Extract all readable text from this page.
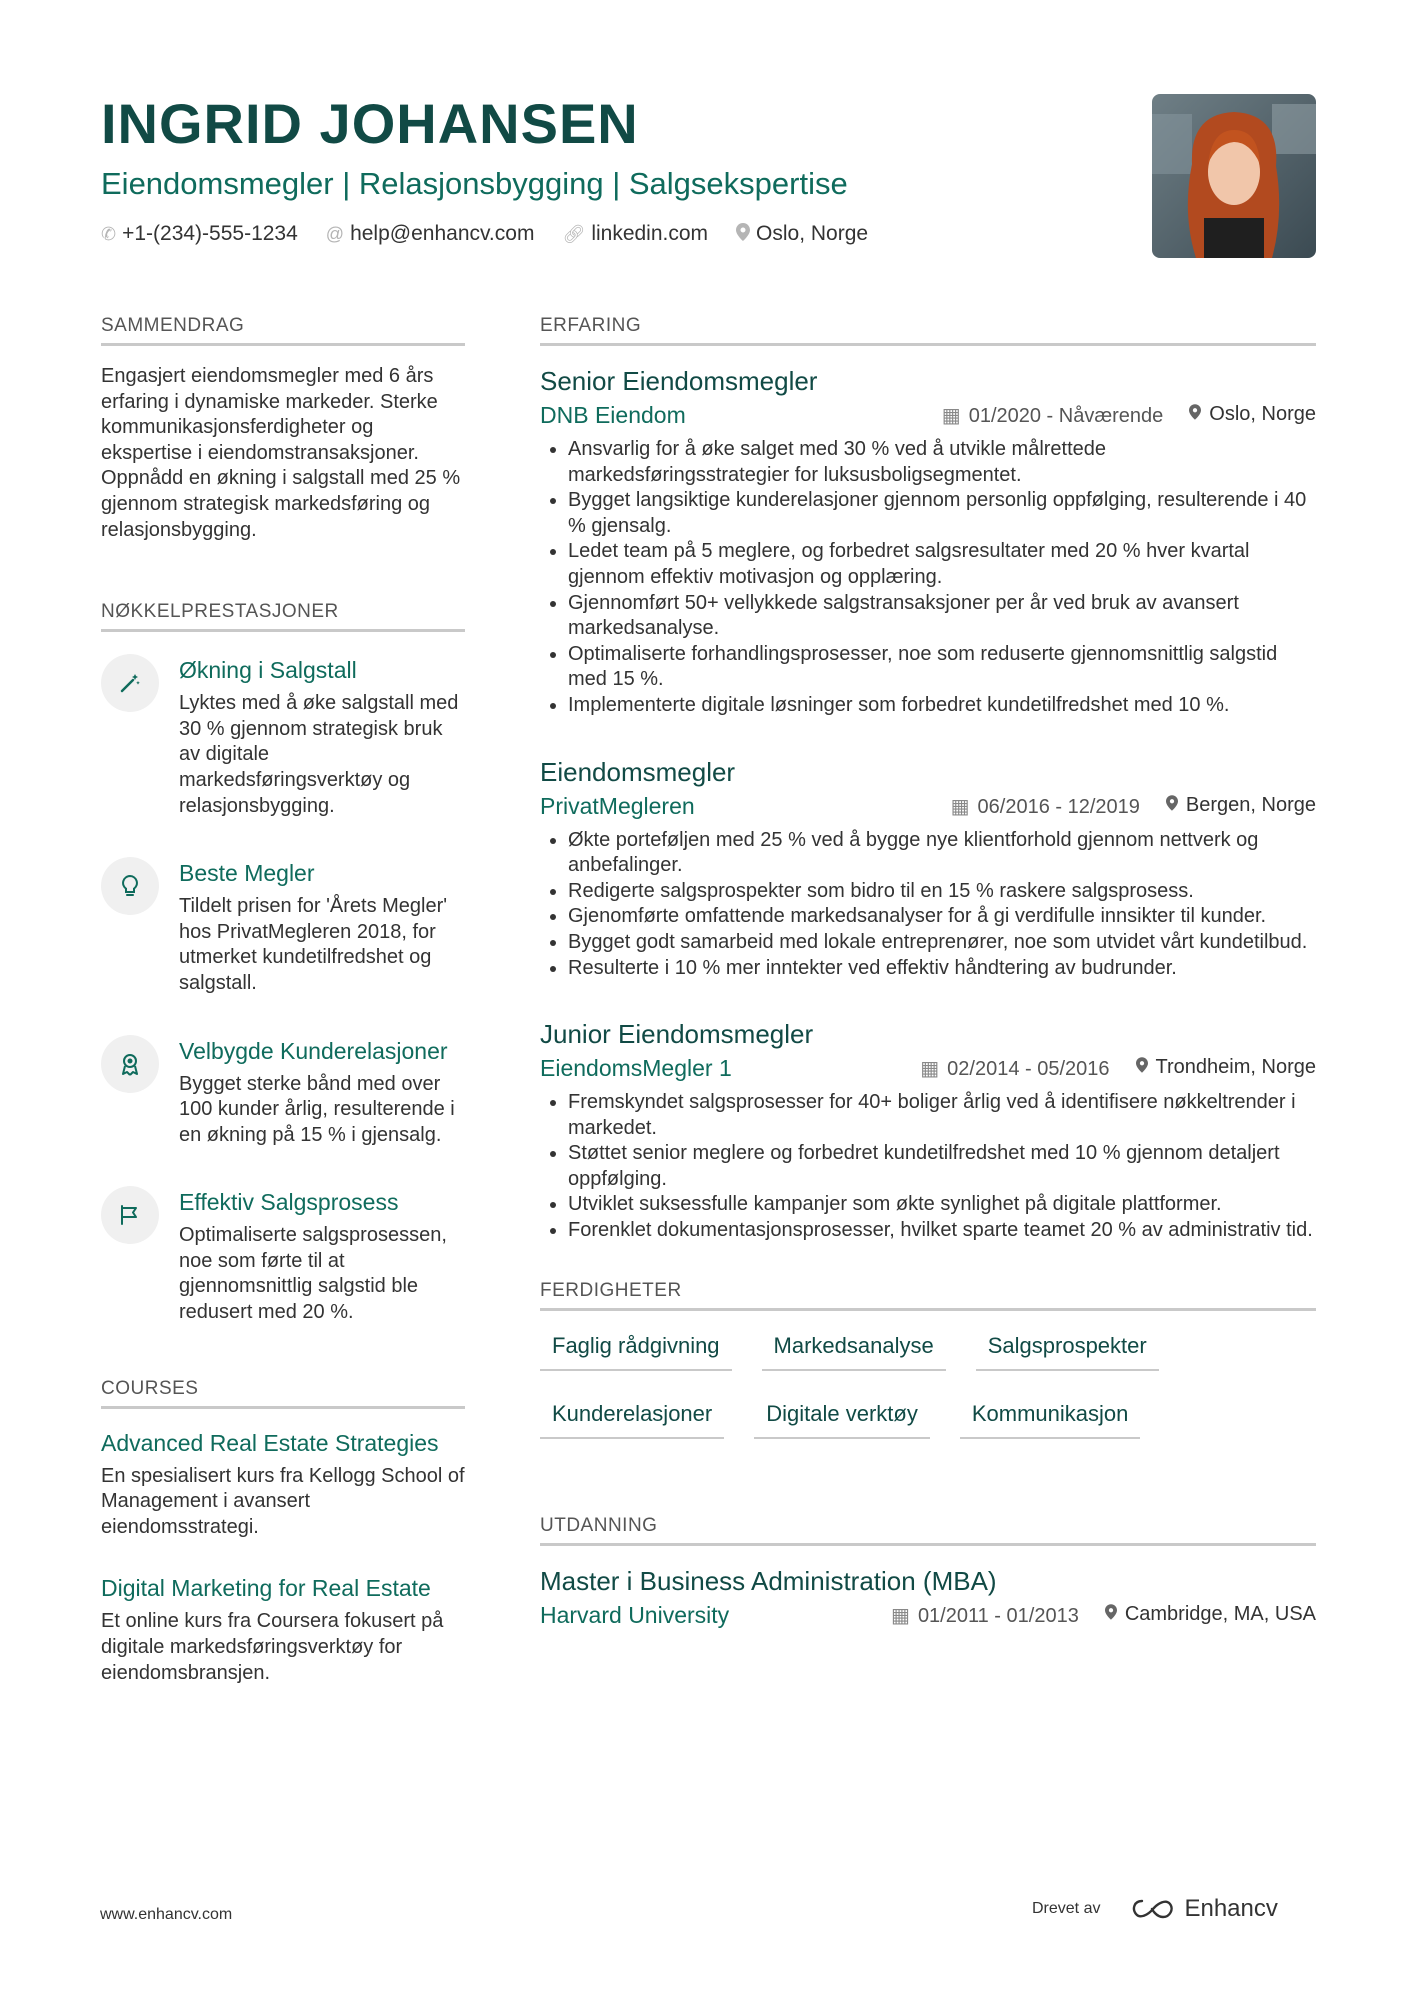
INGRID JOHANSEN
Eiendomsmegler | Relasjonsbygging | Salgsekspertise
✆ +1-(234)-555-1234 @ help@enhancv.com 🔗︎ linkedin.com Oslo, Norge
SAMMENDRAG
Engasjert eiendomsmegler med 6 års erfaring i dynamiske markeder. Sterke kommunikasjonsferdigheter og ekspertise i eiendomstransaksjoner. Oppnådd en økning i salgstall med 25 % gjennom strategisk markedsføring og relasjonsbygging.
NØKKELPRESTASJONER
Økning i Salgstall
Lyktes med å øke salgstall med 30 % gjennom strategisk bruk av digitale markedsføringsverktøy og relasjonsbygging.
Beste Megler
Tildelt prisen for 'Årets Megler' hos PrivatMegleren 2018, for utmerket kundetilfredshet og salgstall.
Velbygde Kunderelasjoner
Bygget sterke bånd med over 100 kunder årlig, resulterende i en økning på 15 % i gjensalg.
Effektiv Salgsprosess
Optimaliserte salgsprosessen, noe som førte til at gjennomsnittlig salgstid ble redusert med 20 %.
COURSES
Advanced Real Estate Strategies
En spesialisert kurs fra Kellogg School of Management i avansert eiendomsstrategi.
Digital Marketing for Real Estate
Et online kurs fra Coursera fokusert på digitale markedsføringsverktøy for eiendomsbransjen.
ERFARING
Senior Eiendomsmegler
DNB Eiendom	▦ 01/2020 - Nåværende	Oslo, Norge
• Ansvarlig for å øke salget med 30 % ved å utvikle målrettede markedsføringsstrategier for luksusboligsegmentet.
• Bygget langsiktige kunderelasjoner gjennom personlig oppfølging, resulterende i 40 % gjensalg.
• Ledet team på 5 meglere, og forbedret salgsresultater med 20 % hver kvartal gjennom effektiv motivasjon og opplæring.
• Gjennomført 50+ vellykkede salgstransaksjoner per år ved bruk av avansert markedsanalyse.
• Optimaliserte forhandlingsprosesser, noe som reduserte gjennomsnittlig salgstid med 15 %.
• Implementerte digitale løsninger som forbedret kundetilfredshet med 10 %.
Eiendomsmegler
PrivatMegleren	▦ 06/2016 - 12/2019	Bergen, Norge
• Økte porteføljen med 25 % ved å bygge nye klientforhold gjennom nettverk og anbefalinger.
• Redigerte salgsprospekter som bidro til en 15 % raskere salgsprosess.
• Gjenomførte omfattende markedsanalyser for å gi verdifulle innsikter til kunder.
• Bygget godt samarbeid med lokale entreprenører, noe som utvidet vårt kundetilbud.
• Resulterte i 10 % mer inntekter ved effektiv håndtering av budrunder.
Junior Eiendomsmegler
EiendomsMegler 1	▦ 02/2014 - 05/2016	Trondheim, Norge
• Fremskyndet salgsprosesser for 40+ boliger årlig ved å identifisere nøkkeltrender i markedet.
• Støttet senior meglere og forbedret kundetilfredshet med 10 % gjennom detaljert oppfølging.
• Utviklet suksessfulle kampanjer som økte synlighet på digitale plattformer.
• Forenklet dokumentasjonsprosesser, hvilket sparte teamet 20 % av administrativ tid.
FERDIGHETER
Faglig rådgivning	Markedsanalyse	Salgsprospekter
Kunderelasjoner	Digitale verktøy	Kommunikasjon
UTDANNING
Master i Business Administration (MBA)
Harvard University	▦ 01/2011 - 01/2013	Cambridge, MA, USA
www.enhancv.com	Drevet av	Enhancv
